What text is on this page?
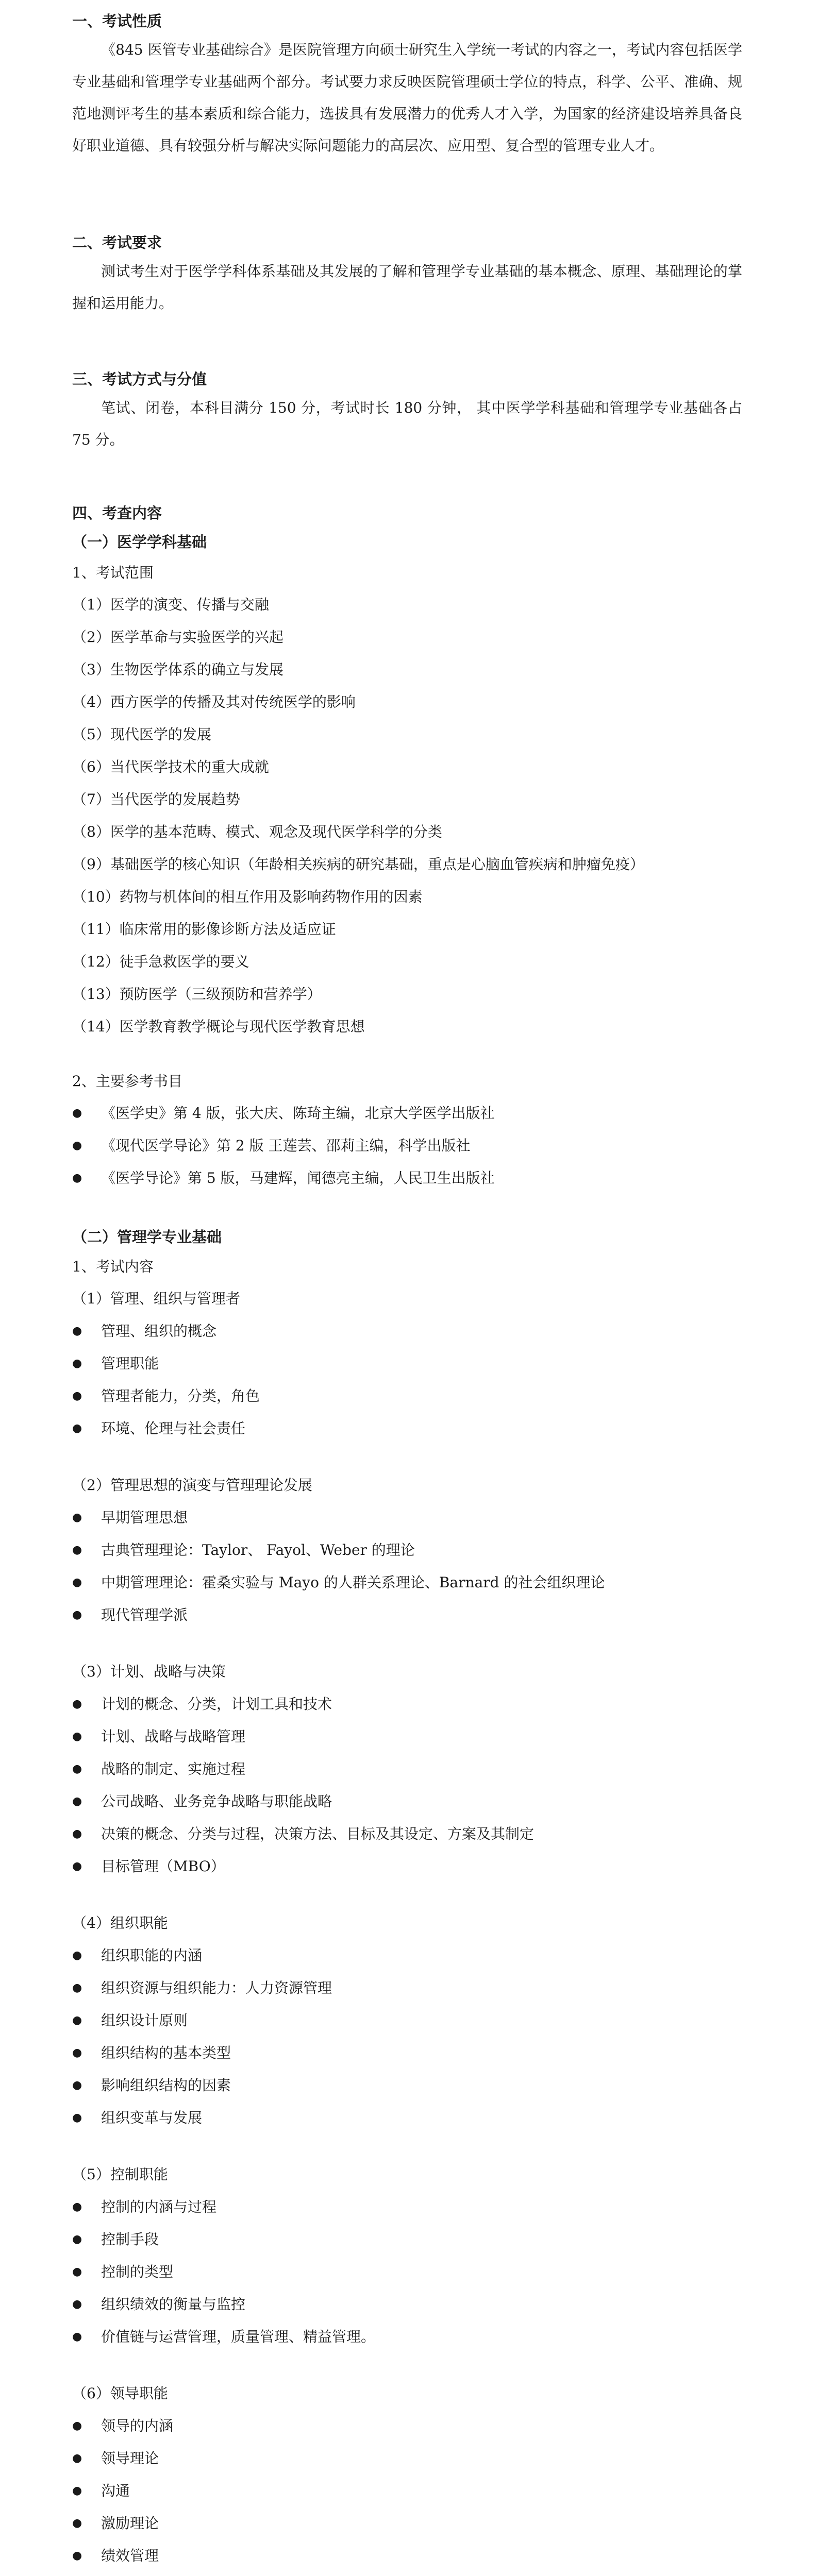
一、考试性质

《845 医管专业基础综合》是医院管理方向硕士研究生入学统一考试的内容之一，考试内容包括医学专业基础和管理学专业基础两个部分。考试要力求反映医院管理硕士学位的特点，科学、公平、准确、规范地测评考生的基本素质和综合能力，选拔具有发展潜力的优秀人才入学，为国家的经济建设培养具备良好职业道德、具有较强分析与解决实际问题能力的高层次、应用型、复合型的管理专业人才。

二、考试要求

测试考生对于医学学科体系基础及其发展的了解和管理学专业基础的基本概念、原理、基础理论的掌握和运用能力。

三、考试方式与分值

笔试、闭卷，本科目满分 150 分，考试时长 180 分钟， 其中医学学科基础和管理学专业基础各占 75 分。

四、考查内容

（一）医学学科基础

1、考试范围

（1）医学的演变、传播与交融

（2）医学革命与实验医学的兴起

（3）生物医学体系的确立与发展

（4）西方医学的传播及其对传统医学的影响

（5）现代医学的发展

（6）当代医学技术的重大成就

（7）当代医学的发展趋势

（8）医学的基本范畴、模式、观念及现代医学科学的分类

（9）基础医学的核心知识（年龄相关疾病的研究基础，重点是心脑血管疾病和肿瘤免疫）

（10）药物与机体间的相互作用及影响药物作用的因素

（11）临床常用的影像诊断方法及适应证

（12）徒手急救医学的要义

（13）预防医学（三级预防和营养学）

（14）医学教育教学概论与现代医学教育思想

2、主要参考书目

●	《医学史》第 4 版，张大庆、陈琦主编，北京大学医学出版社
●	《现代医学导论》第 2 版 王莲芸、邵莉主编，科学出版社
●	《医学导论》第 5 版，马建辉，闻德亮主编，人民卫生出版社

（二）管理学专业基础

1、考试内容

（1）管理、组织与管理者

●	管理、组织的概念
●	管理职能
●	管理者能力，分类，角色
●	环境、伦理与社会责任

（2）管理思想的演变与管理理论发展

●	早期管理思想
●	古典管理理论：Taylor、 Fayol、Weber 的理论
●	中期管理理论：霍桑实验与 Mayo 的人群关系理论、Barnard 的社会组织理论
●	现代管理学派

（3）计划、战略与决策

●	计划的概念、分类，计划工具和技术
●	计划、战略与战略管理
●	战略的制定、实施过程
●	公司战略、业务竞争战略与职能战略
●	决策的概念、分类与过程，决策方法、目标及其设定、方案及其制定
●	目标管理（MBO）

（4）组织职能

●	组织职能的内涵
●	组织资源与组织能力：人力资源管理
●	组织设计原则
●	组织结构的基本类型
●	影响组织结构的因素
●	组织变革与发展

（5）控制职能

●	控制的内涵与过程
●	控制手段
●	控制的类型
●	组织绩效的衡量与监控
●	价值链与运营管理，质量管理、精益管理。

（6）领导职能

●	领导的内涵
●	领导理论
●	沟通
●	激励理论
●	绩效管理
